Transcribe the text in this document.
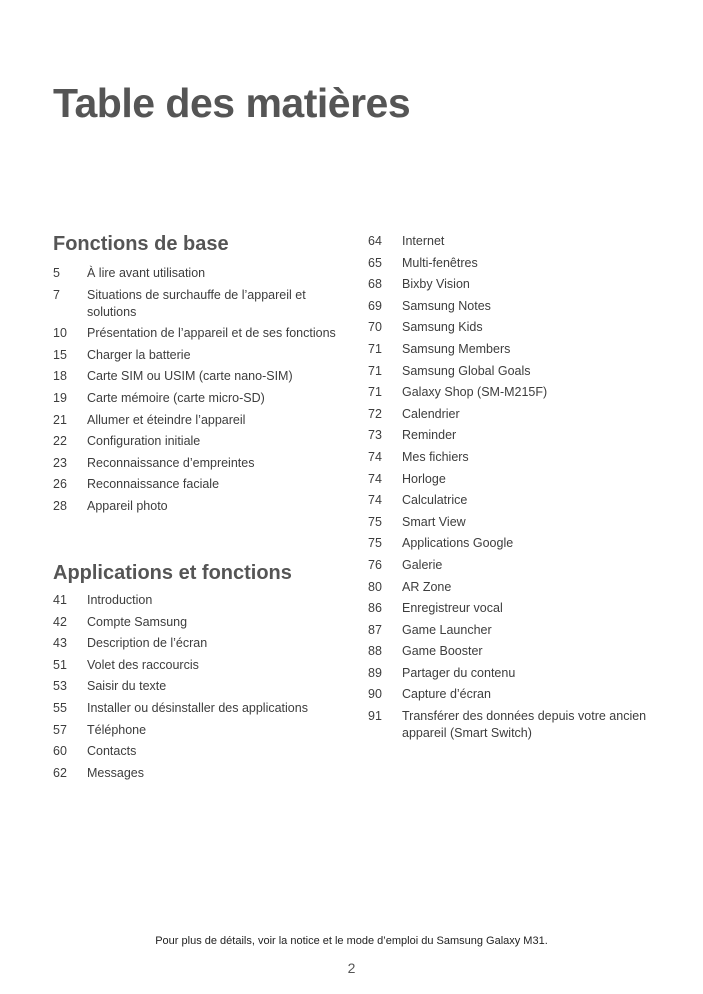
Table des matières
Fonctions de base
5	À lire avant utilisation
7	Situations de surchauffe de l’appareil et solutions
10	Présentation de l’appareil et de ses fonctions
15	Charger la batterie
18	Carte SIM ou USIM (carte nano-SIM)
19	Carte mémoire (carte micro-SD)
21	Allumer et éteindre l’appareil
22	Configuration initiale
23	Reconnaissance d’empreintes
26	Reconnaissance faciale
28	Appareil photo
Applications et fonctions
41	Introduction
42	Compte Samsung
43	Description de l’écran
51	Volet des raccourcis
53	Saisir du texte
55	Installer ou désinstaller des applications
57	Téléphone
60	Contacts
62	Messages
64	Internet
65	Multi-fenêtres
68	Bixby Vision
69	Samsung Notes
70	Samsung Kids
71	Samsung Members
71	Samsung Global Goals
71	Galaxy Shop (SM-M215F)
72	Calendrier
73	Reminder
74	Mes fichiers
74	Horloge
74	Calculatrice
75	Smart View
75	Applications Google
76	Galerie
80	AR Zone
86	Enregistreur vocal
87	Game Launcher
88	Game Booster
89	Partager du contenu
90	Capture d’écran
91	Transférer des données depuis votre ancien appareil (Smart Switch)
Pour plus de détails, voir la notice et le mode d’emploi du Samsung Galaxy M31.
2
